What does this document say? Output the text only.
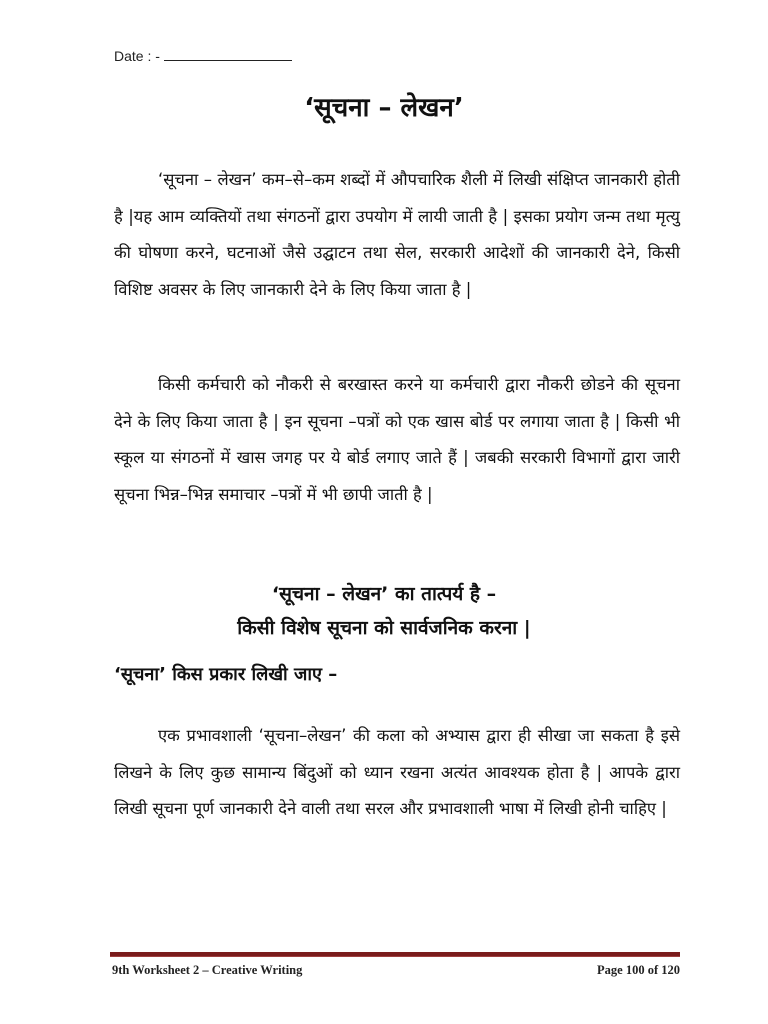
Date : -
‘सूचना – लेखन’

‘सूचना – लेखन’ कम–से–कम शब्दों में औपचारिक शैली में लिखी संक्षिप्त जानकारी होती है |यह आम व्यक्तियों तथा संगठनों द्वारा उपयोग में लायी जाती है | इसका प्रयोग जन्म तथा मृत्यु की घोषणा करने, घटनाओं जैसे उद्घाटन तथा सेल, सरकारी आदेशों की जानकारी देने, किसी विशिष्ट अवसर के लिए जानकारी देने के लिए किया जाता है |

किसी कर्मचारी को नौकरी से बरखास्त करने या कर्मचारी द्वारा नौकरी छोडने की सूचना देने के लिए किया जाता है | इन सूचना –पत्रों को एक खास बोर्ड पर लगाया जाता है | किसी भी स्कूल या संगठनों में खास जगह पर ये बोर्ड लगाए जाते हैं | जबकी सरकारी विभागों द्वारा जारी सूचना भिन्न–भिन्न समाचार –पत्रों में भी छापी जाती है |

‘सूचना – लेखन’ का तात्पर्य है –
किसी विशेष सूचना को सार्वजनिक करना |
‘सूचना’ किस प्रकार लिखी जाए –

एक प्रभावशाली ‘सूचना–लेखन’ की कला को अभ्यास द्वारा ही सीखा जा सकता है इसे लिखने के लिए कुछ सामान्य बिंदुओं को ध्यान रखना अत्यंत आवश्यक होता है | आपके द्वारा लिखी सूचना पूर्ण जानकारी देने वाली तथा सरल और प्रभावशाली भाषा में लिखी होनी चाहिए |

9th Worksheet 2 – Creative Writing	Page 100 of 120
